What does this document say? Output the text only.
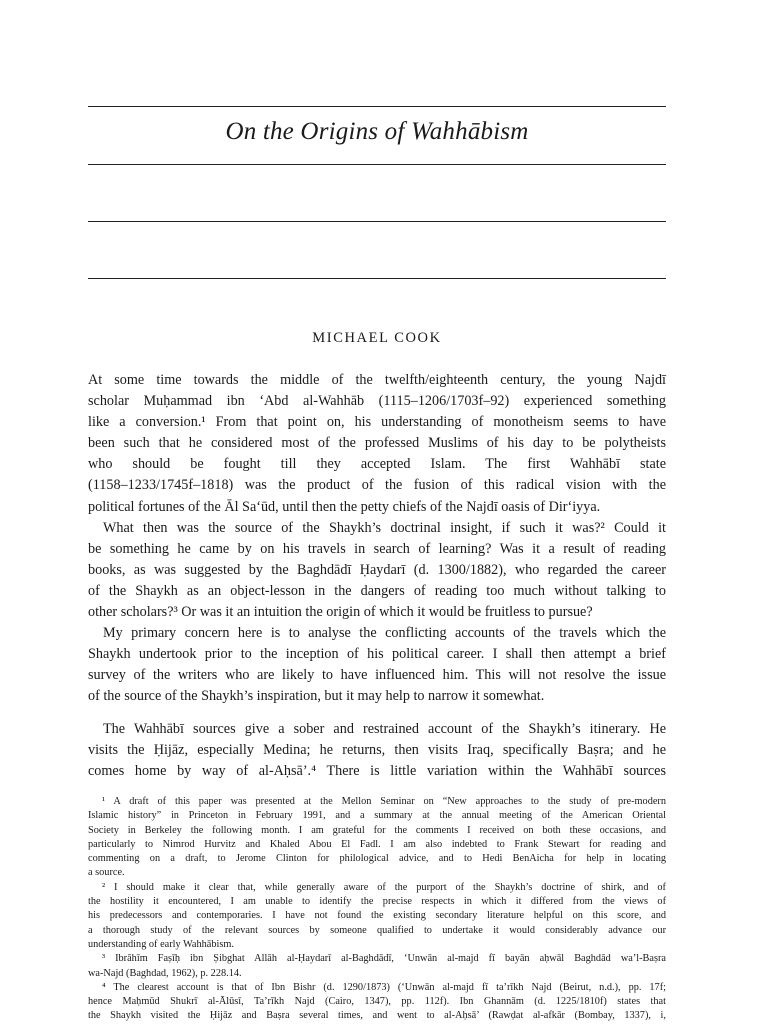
On the Origins of Wahhābism
MICHAEL COOK

At some time towards the middle of the twelfth/eighteenth century, the young Najdī

scholar Muḥammad ibn ‘Abd al-Wahhāb (1115–1206/1703f–92) experienced something

like a conversion.¹ From that point on, his understanding of monotheism seems to have

been such that he considered most of the professed Muslims of his day to be polytheists

who should be fought till they accepted Islam. The first Wahhābī state

(1158–1233/1745f–1818) was the product of the fusion of this radical vision with the

political fortunes of the Āl Sa‘ūd, until then the petty chiefs of the Najdī oasis of Dir‘iyya.

What then was the source of the Shaykh’s doctrinal insight, if such it was?² Could it

be something he came by on his travels in search of learning? Was it a result of reading

books, as was suggested by the Baghdādī Ḥaydarī (d. 1300/1882), who regarded the career

of the Shaykh as an object-lesson in the dangers of reading too much without talking to

other scholars?³ Or was it an intuition the origin of which it would be fruitless to pursue?

My primary concern here is to analyse the conflicting accounts of the travels which the

Shaykh undertook prior to the inception of his political career. I shall then attempt a brief

survey of the writers who are likely to have influenced him. This will not resolve the issue

of the source of the Shaykh’s inspiration, but it may help to narrow it somewhat.

The Wahhābī sources give a sober and restrained account of the Shaykh’s itinerary. He

visits the Ḥijāz, especially Medina; he returns, then visits Iraq, specifically Baṣra; and he

comes home by way of al-Aḥsā’.⁴ There is little variation within the Wahhābī sources

¹ A draft of this paper was presented at the Mellon Seminar on “New approaches to the study of pre-modern

Islamic history” in Princeton in February 1991, and a summary at the annual meeting of the American Oriental

Society in Berkeley the following month. I am grateful for the comments I received on both these occasions, and

particularly to Nimrod Hurvitz and Khaled Abou El Fadl. I am also indebted to Frank Stewart for reading and

commenting on a draft, to Jerome Clinton for philological advice, and to Hedi BenAicha for help in locating

a source.

² I should make it clear that, while generally aware of the purport of the Shaykh’s doctrine of shirk, and of

the hostility it encountered, I am unable to identify the precise respects in which it differed from the views of

his predecessors and contemporaries. I have not found the existing secondary literature helpful on this score, and

a thorough study of the relevant sources by someone qualified to undertake it would considerably advance our

understanding of early Wahhābism.

³ Ibrāhīm Faṣīḥ ibn Ṣibghat Allāh al-Ḥaydarī al-Baghdādī, ‘Unwān al-majd fī bayān aḥwāl Baghdād wa’l-Baṣra

wa-Najd (Baghdad, 1962), p. 228.14.

⁴ The clearest account is that of Ibn Bishr (d. 1290/1873) (‘Unwān al-majd fī ta’rīkh Najd (Beirut, n.d.), pp. 17f;

hence Maḥmūd Shukrī al-Ālūsī, Ta’rīkh Najd (Cairo, 1347), pp. 112f). Ibn Ghannām (d. 1225/1810f) states that

the Shaykh visited the Ḥijāz and Baṣra several times, and went to al-Aḥsā’ (Rawḍat al-afkār (Bombay, 1337), i,
